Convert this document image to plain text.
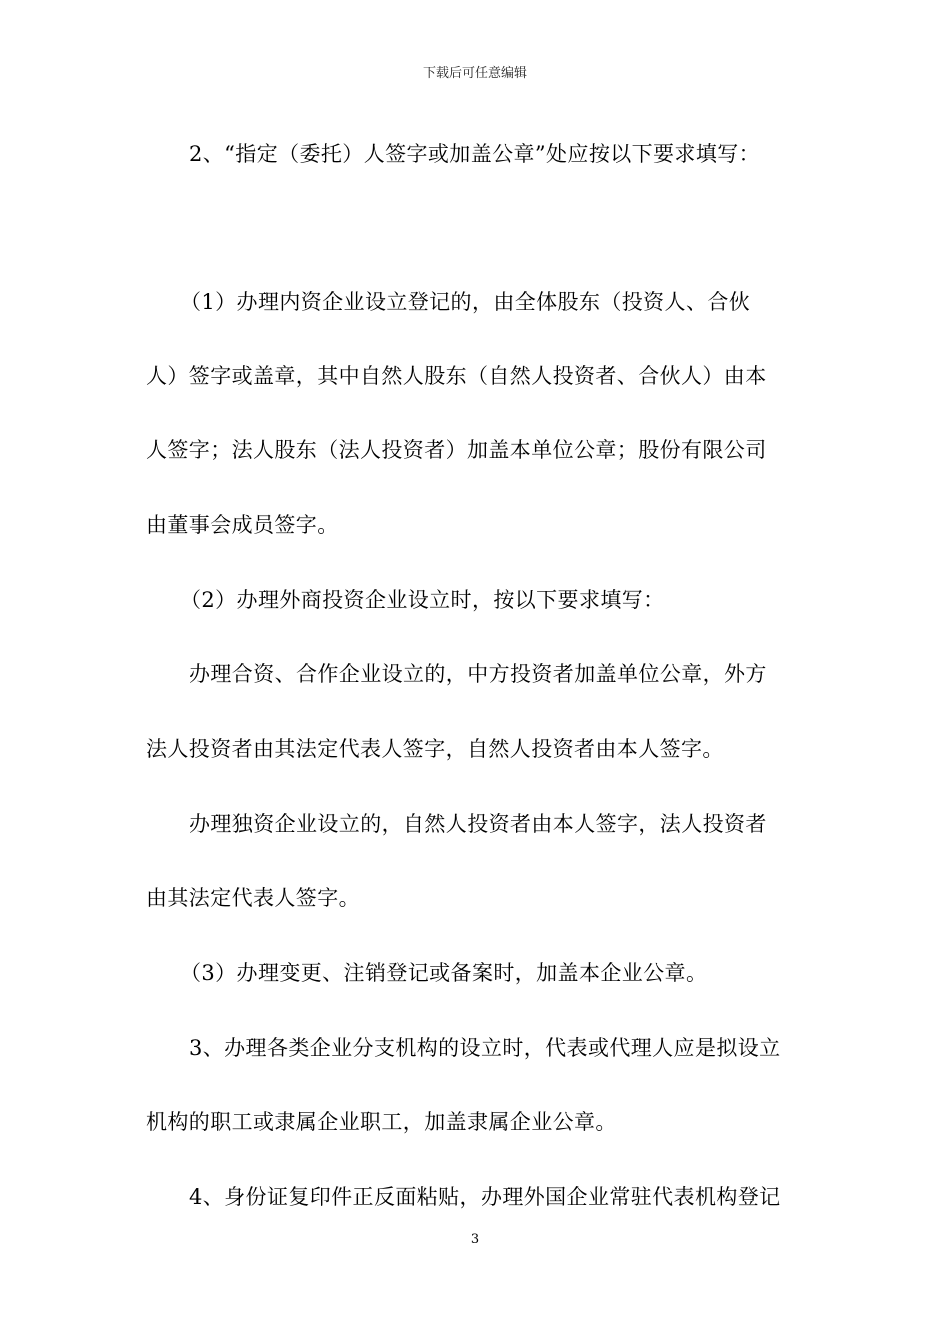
下载后可任意编辑
2、“指定（委托）人签字或加盖公章”处应按以下要求填写：
（1）办理内资企业设立登记的，由全体股东（投资人、合伙
人）签字或盖章，其中自然人股东（自然人投资者、合伙人）由本
人签字；法人股东（法人投资者）加盖本单位公章；股份有限公司
由董事会成员签字。
（2）办理外商投资企业设立时，按以下要求填写：
办理合资、合作企业设立的，中方投资者加盖单位公章，外方
法人投资者由其法定代表人签字，自然人投资者由本人签字。
办理独资企业设立的，自然人投资者由本人签字，法人投资者
由其法定代表人签字。
（3）办理变更、注销登记或备案时，加盖本企业公章。
3、办理各类企业分支机构的设立时，代表或代理人应是拟设立
机构的职工或隶属企业职工，加盖隶属企业公章。
4、身份证复印件正反面粘贴，办理外国企业常驻代表机构登记
3
